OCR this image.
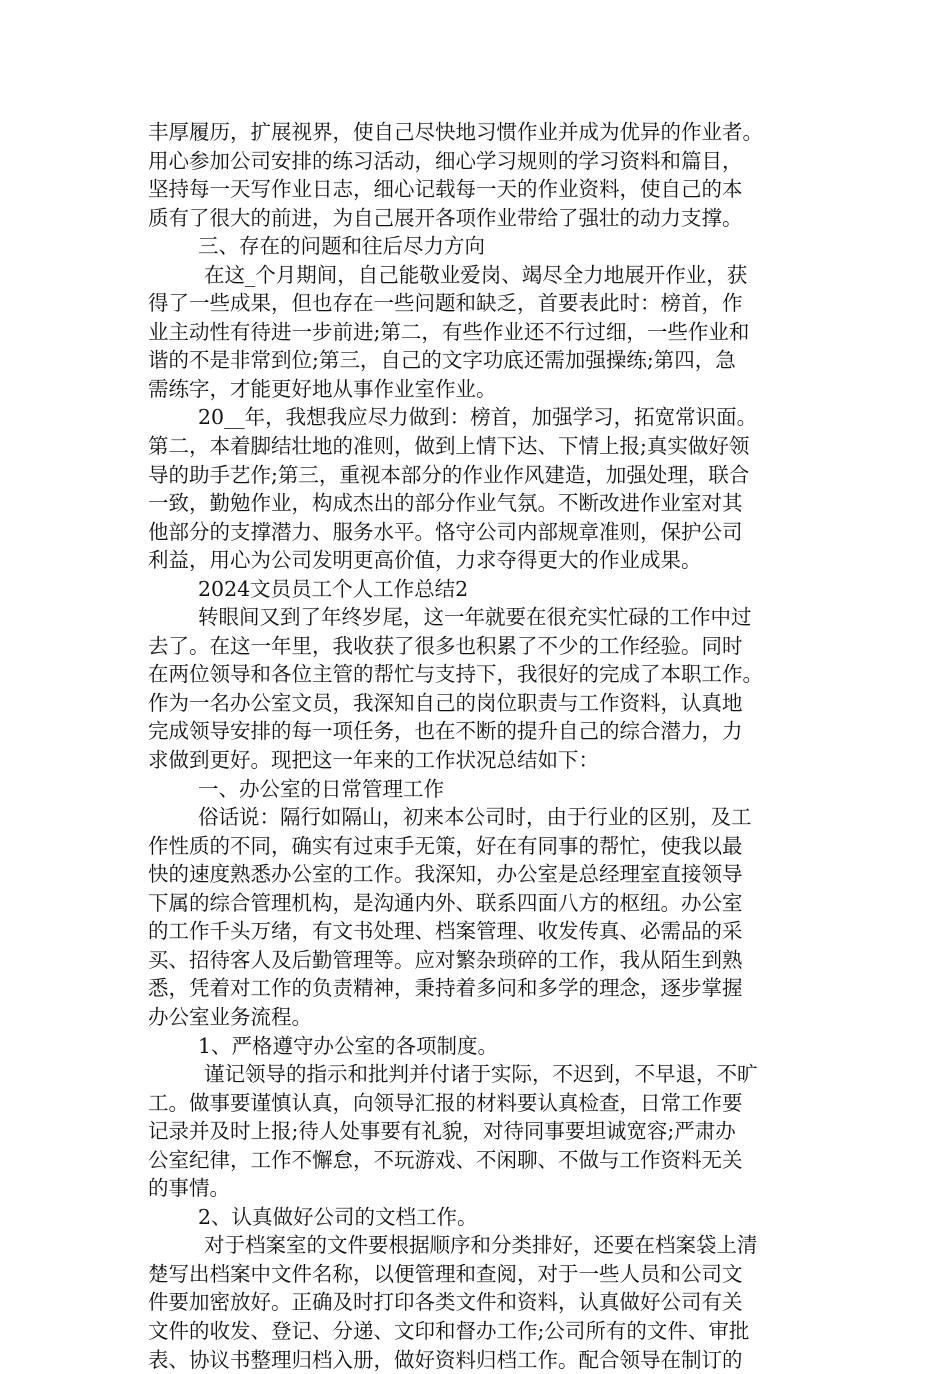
丰厚履历，扩展视界，使自己尽快地习惯作业并成为优异的作业者。
用心参加公司安排的练习活动，细心学习规则的学习资料和篇目，
坚持每一天写作业日志，细心记载每一天的作业资料，使自己的本
质有了很大的前进，为自己展开各项作业带给了强壮的动力支撑。
三、存在的问题和往后尽力方向
在这_个月期间，自己能敬业爱岗、竭尽全力地展开作业，获
得了一些成果，但也存在一些问题和缺乏，首要表此时：榜首，作
业主动性有待进一步前进;第二，有些作业还不行过细，一些作业和
谐的不是非常到位;第三，自己的文字功底还需加强操练;第四，急
需练字，才能更好地从事作业室作业。
20__年，我想我应尽力做到：榜首，加强学习，拓宽常识面。
第二，本着脚结壮地的准则，做到上情下达、下情上报;真实做好领
导的助手艺作;第三，重视本部分的作业作风建造，加强处理，联合
一致，勤勉作业，构成杰出的部分作业气氛。不断改进作业室对其
他部分的支撑潜力、服务水平。恪守公司内部规章准则，保护公司
利益，用心为公司发明更高价值，力求夺得更大的作业成果。
2024文员员工个人工作总结2
转眼间又到了年终岁尾，这一年就要在很充实忙碌的工作中过
去了。在这一年里，我收获了很多也积累了不少的工作经验。同时
在两位领导和各位主管的帮忙与支持下，我很好的完成了本职工作。
作为一名办公室文员，我深知自己的岗位职责与工作资料，认真地
完成领导安排的每一项任务，也在不断的提升自己的综合潜力，力
求做到更好。现把这一年来的工作状况总结如下：
一、办公室的日常管理工作
俗话说：隔行如隔山，初来本公司时，由于行业的区别，及工
作性质的不同，确实有过束手无策，好在有同事的帮忙，使我以最
快的速度熟悉办公室的工作。我深知，办公室是总经理室直接领导
下属的综合管理机构，是沟通内外、联系四面八方的枢纽。办公室
的工作千头万绪，有文书处理、档案管理、收发传真、必需品的采
买、招待客人及后勤管理等。应对繁杂琐碎的工作，我从陌生到熟
悉，凭着对工作的负责精神，秉持着多问和多学的理念，逐步掌握
办公室业务流程。
1、严格遵守办公室的各项制度。
谨记领导的指示和批判并付诸于实际，不迟到，不早退，不旷
工。做事要谨慎认真，向领导汇报的材料要认真检查，日常工作要
记录并及时上报;待人处事要有礼貌，对待同事要坦诚宽容;严肃办
公室纪律，工作不懈怠，不玩游戏、不闲聊、不做与工作资料无关
的事情。
2、认真做好公司的文档工作。
对于档案室的文件要根据顺序和分类排好，还要在档案袋上清
楚写出档案中文件名称，以便管理和查阅，对于一些人员和公司文
件要加密放好。正确及时打印各类文件和资料，认真做好公司有关
文件的收发、登记、分递、文印和督办工作;公司所有的文件、审批
表、协议书整理归档入册，做好资料归档工作。配合领导在制订的
